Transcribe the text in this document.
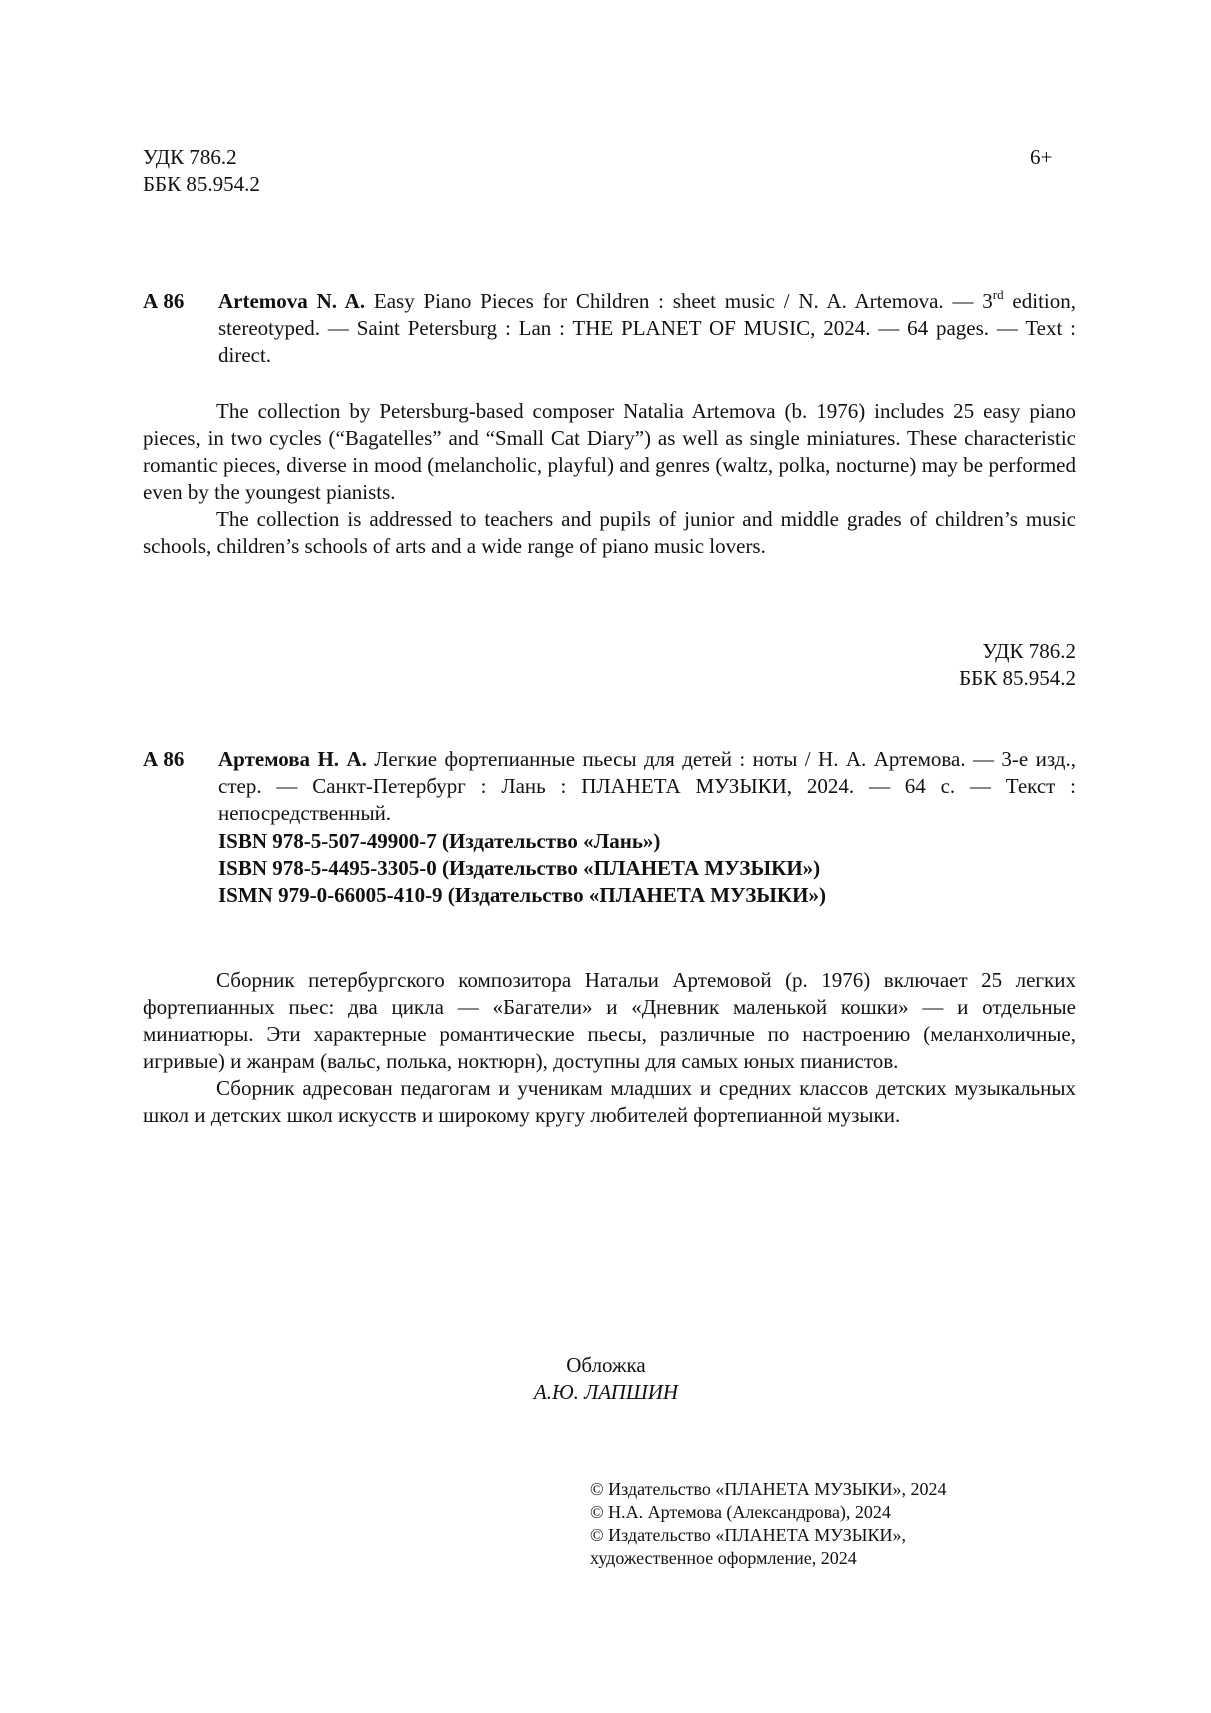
УДК 786.2
ББК 85.954.2
6+
А 86	Artemova N. A. Easy Piano Pieces for Children : sheet music / N. A. Artemova. — 3rd edition, stereotyped. — Saint Petersburg : Lan : THE PLANET OF MUSIC, 2024. — 64 pages. — Text : direct.

The collection by Petersburg-based composer Natalia Artemova (b. 1976) includes 25 easy piano pieces, in two cycles (“Bagatelles” and “Small Cat Diary”) as well as single miniatures. These characteristic romantic pieces, diverse in mood (melancholic, playful) and genres (waltz, polka, nocturne) may be performed even by the youngest pianists.

The collection is addressed to teachers and pupils of junior and middle grades of children’s music schools, children’s schools of arts and a wide range of piano music lovers.

УДК 786.2
ББК 85.954.2
А 86	Артемова Н. А. Легкие фортепианные пьесы для детей : ноты / Н. А. Артемова. — 3-е изд., стер. — Санкт-Петербург : Лань : ПЛАНЕТА МУЗЫКИ, 2024. — 64 с. — Текст : непосредственный.
ISBN 978-5-507-49900-7 (Издательство «Лань»)
ISBN 978-5-4495-3305-0 (Издательство «ПЛАНЕТА МУЗЫКИ»)
ISMN 979-0-66005-410-9 (Издательство «ПЛАНЕТА МУЗЫКИ»)

Сборник петербургского композитора Натальи Артемовой (р. 1976) включает 25 легких фортепианных пьес: два цикла — «Багатели» и «Дневник маленькой кошки» — и отдельные миниатюры. Эти характерные романтические пьесы, различные по настроению (меланхоличные, игривые) и жанрам (вальс, полька, ноктюрн), доступны для самых юных пианистов.

Сборник адресован педагогам и ученикам младших и средних классов детских музыкальных школ и детских школ искусств и широкому кругу любителей фортепианной музыки.

Обложка
А.Ю. ЛАПШИН
© Издательство «ПЛАНЕТА МУЗЫКИ», 2024
© Н.А. Артемова (Александрова), 2024
© Издательство «ПЛАНЕТА МУЗЫКИ»,
художественное оформление, 2024
